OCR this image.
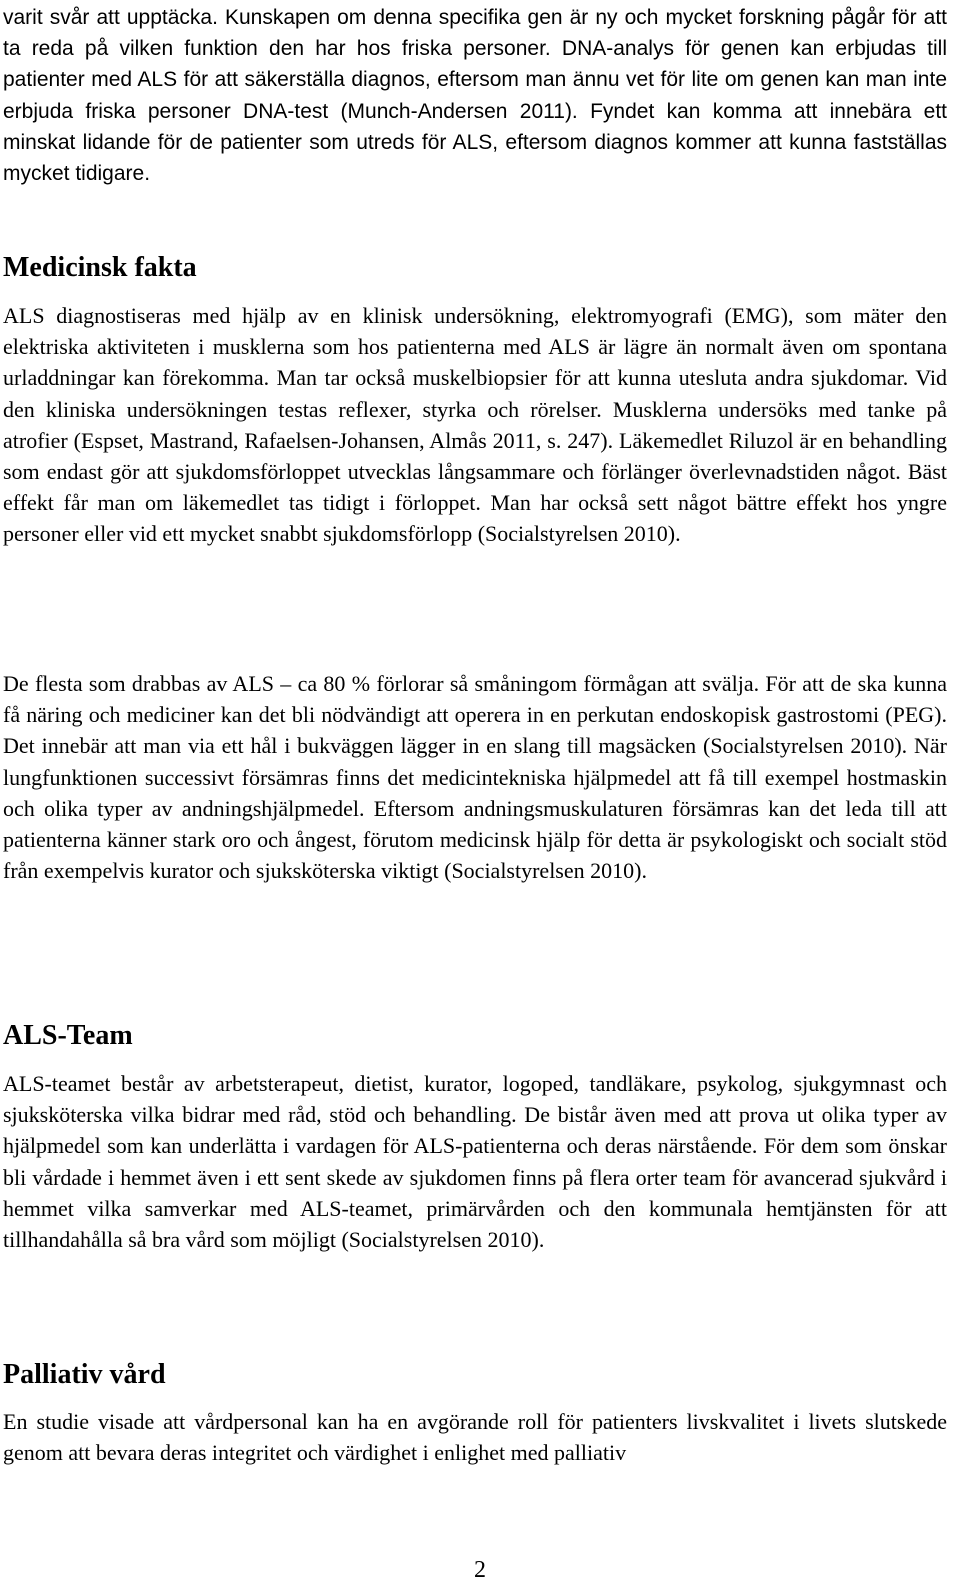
varit svår att upptäcka. Kunskapen om denna specifika gen är ny och mycket forskning pågår för att ta reda på vilken funktion den har hos friska personer. DNA-analys för genen kan erbjudas till patienter med ALS för att säkerställa diagnos, eftersom man ännu vet för lite om genen kan man inte erbjuda friska personer DNA-test (Munch-Andersen 2011). Fyndet kan komma att innebära ett minskat lidande för de patienter som utreds för ALS, eftersom diagnos kommer att kunna fastställas mycket tidigare.

Medicinsk fakta

ALS diagnostiseras med hjälp av en klinisk undersökning, elektromyografi (EMG), som mäter den elektriska aktiviteten i musklerna som hos patienterna med ALS är lägre än normalt även om spontana urladdningar kan förekomma. Man tar också muskelbiopsier för att kunna utesluta andra sjukdomar. Vid den kliniska undersökningen testas reflexer, styrka och rörelser. Musklerna undersöks med tanke på atrofier (Espset, Mastrand, Rafaelsen-Johansen, Almås 2011, s. 247). Läkemedlet Riluzol är en behandling som endast gör att sjukdomsförloppet utvecklas långsammare och förlänger överlevnadstiden något. Bäst effekt får man om läkemedlet tas tidigt i förloppet. Man har också sett något bättre effekt hos yngre personer eller vid ett mycket snabbt sjukdomsförlopp (Socialstyrelsen 2010).

De flesta som drabbas av ALS – ca 80 % förlorar så småningom förmågan att svälja. För att de ska kunna få näring och mediciner kan det bli nödvändigt att operera in en perkutan endoskopisk gastrostomi (PEG). Det innebär att man via ett hål i bukväggen lägger in en slang till magsäcken (Socialstyrelsen 2010). När lungfunktionen successivt försämras finns det medicintekniska hjälpmedel att få till exempel hostmaskin och olika typer av andningshjälpmedel. Eftersom andningsmuskulaturen försämras kan det leda till att patienterna känner stark oro och ångest, förutom medicinsk hjälp för detta är psykologiskt och socialt stöd från exempelvis kurator och sjuksköterska viktigt (Socialstyrelsen 2010).

ALS-Team

ALS-teamet består av arbetsterapeut, dietist, kurator, logoped, tandläkare, psykolog, sjukgymnast och sjuksköterska vilka bidrar med råd, stöd och behandling. De bistår även med att prova ut olika typer av hjälpmedel som kan underlätta i vardagen för ALS-patienterna och deras närstående. För dem som önskar bli vårdade i hemmet även i ett sent skede av sjukdomen finns på flera orter team för avancerad sjukvård i hemmet vilka samverkar med ALS-teamet, primärvården och den kommunala hemtjänsten för att tillhandahålla så bra vård som möjligt (Socialstyrelsen 2010).

Palliativ vård

En studie visade att vårdpersonal kan ha en avgörande roll för patienters livskvalitet i livets slutskede genom att bevara deras integritet och värdighet i enlighet med palliativ

2
